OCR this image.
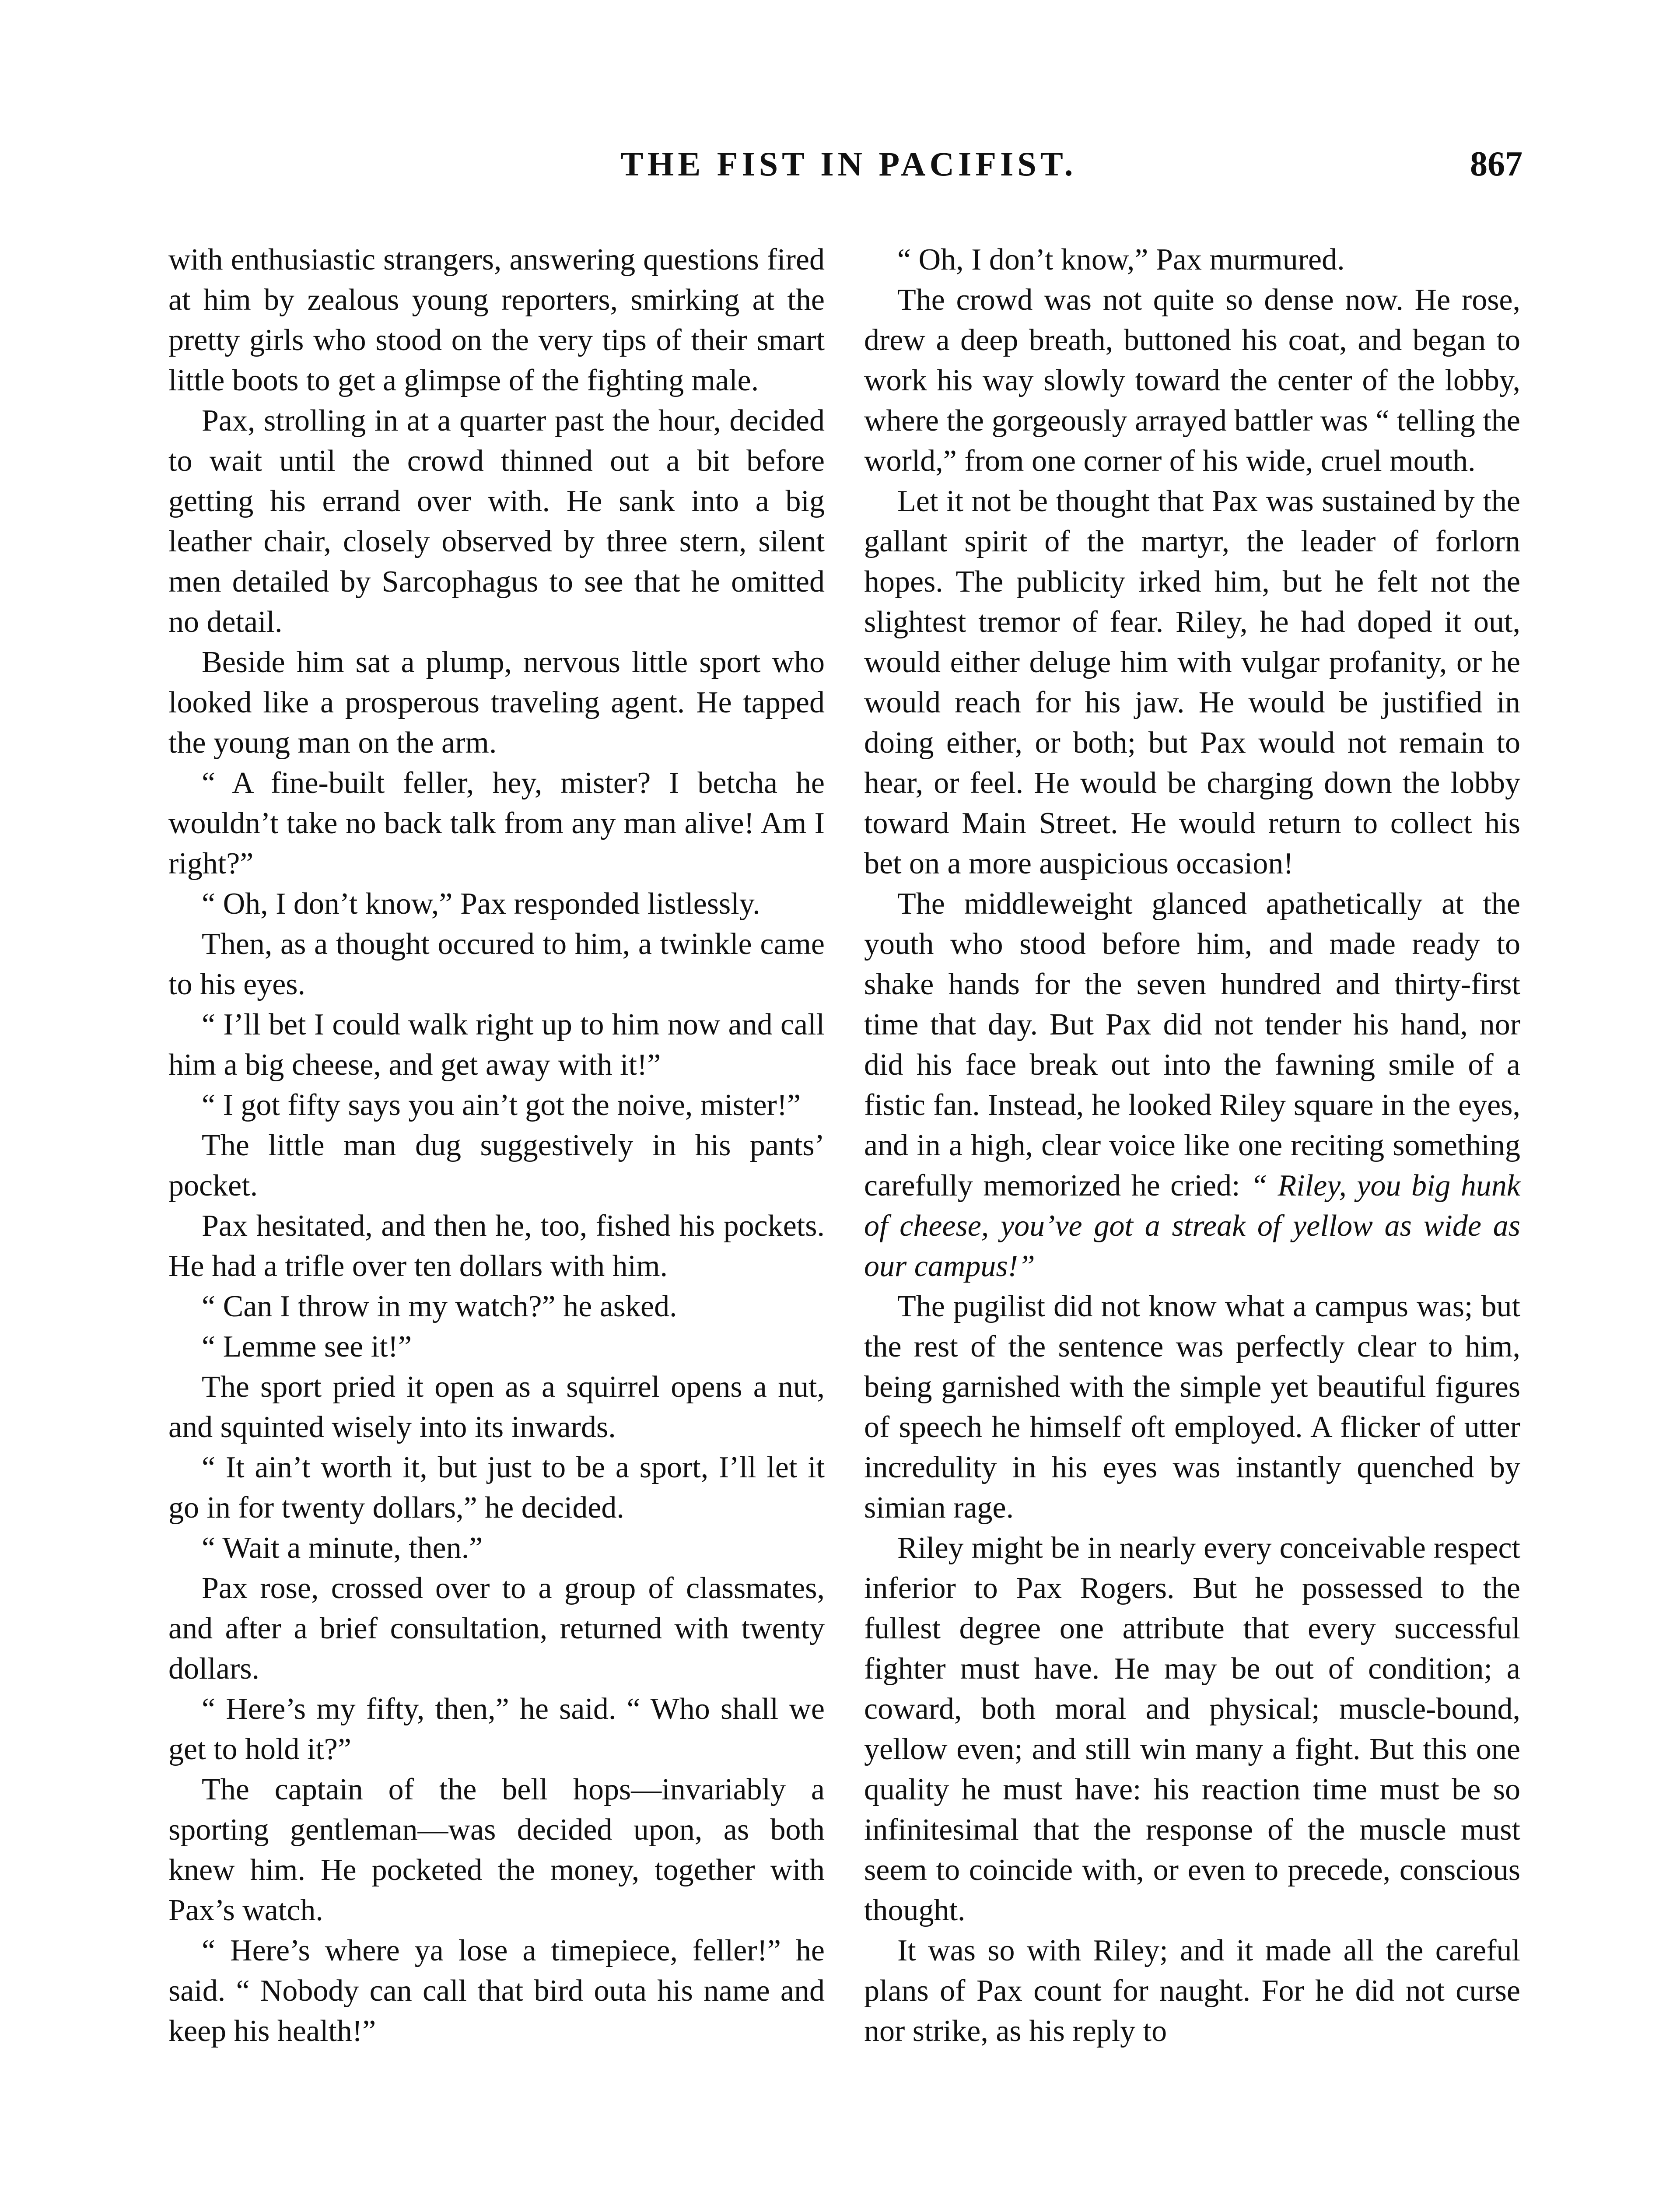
THE FIST IN PACIFIST.	867

with enthusiastic strangers, answering questions fired at him by zealous young reporters, smirking at the pretty girls who stood on the very tips of their smart little boots to get a glimpse of the fighting male.

Pax, strolling in at a quarter past the hour, decided to wait until the crowd thinned out a bit before getting his errand over with. He sank into a big leather chair, closely observed by three stern, silent men detailed by Sarcophagus to see that he omitted no detail.

Beside him sat a plump, nervous little sport who looked like a prosperous traveling agent. He tapped the young man on the arm.

“ A fine-built feller, hey, mister? I betcha he wouldn’t take no back talk from any man alive! Am I right?”

“ Oh, I don’t know,” Pax responded listlessly.

Then, as a thought occured to him, a twinkle came to his eyes.

“ I’ll bet I could walk right up to him now and call him a big cheese, and get away with it!”

“ I got fifty says you ain’t got the noive, mister!”

The little man dug suggestively in his pants’ pocket.

Pax hesitated, and then he, too, fished his pockets. He had a trifle over ten dollars with him.

“ Can I throw in my watch?” he asked.

“ Lemme see it!”

The sport pried it open as a squirrel opens a nut, and squinted wisely into its inwards.

“ It ain’t worth it, but just to be a sport, I’ll let it go in for twenty dollars,” he decided.

“ Wait a minute, then.”

Pax rose, crossed over to a group of classmates, and after a brief consultation, returned with twenty dollars.

“ Here’s my fifty, then,” he said. “ Who shall we get to hold it?”

The captain of the bell hops—invariably a sporting gentleman—was decided upon, as both knew him. He pocketed the money, together with Pax’s watch.

“ Here’s where ya lose a timepiece, feller!” he said. “ Nobody can call that bird outa his name and keep his health!”

“ Oh, I don’t know,” Pax murmured.

The crowd was not quite so dense now. He rose, drew a deep breath, buttoned his coat, and began to work his way slowly toward the center of the lobby, where the gorgeously arrayed battler was “ telling the world,” from one corner of his wide, cruel mouth.

Let it not be thought that Pax was sustained by the gallant spirit of the martyr, the leader of forlorn hopes. The publicity irked him, but he felt not the slightest tremor of fear. Riley, he had doped it out, would either deluge him with vulgar profanity, or he would reach for his jaw. He would be justified in doing either, or both; but Pax would not remain to hear, or feel. He would be charging down the lobby toward Main Street. He would return to collect his bet on a more auspicious occasion!

The middleweight glanced apathetically at the youth who stood before him, and made ready to shake hands for the seven hundred and thirty-first time that day. But Pax did not tender his hand, nor did his face break out into the fawning smile of a fistic fan. Instead, he looked Riley square in the eyes, and in a high, clear voice like one reciting something carefully memorized he cried: “ Riley, you big hunk of cheese, you’ve got a streak of yellow as wide as our campus!”

The pugilist did not know what a campus was; but the rest of the sentence was perfectly clear to him, being garnished with the simple yet beautiful figures of speech he himself oft employed. A flicker of utter incredulity in his eyes was instantly quenched by simian rage.

Riley might be in nearly every conceivable respect inferior to Pax Rogers. But he possessed to the fullest degree one attribute that every successful fighter must have. He may be out of condition; a coward, both moral and physical; muscle-bound, yellow even; and still win many a fight. But this one quality he must have: his reaction time must be so infinitesimal that the response of the muscle must seem to coincide with, or even to precede, conscious thought.

It was so with Riley; and it made all the careful plans of Pax count for naught. For he did not curse nor strike, as his reply to
